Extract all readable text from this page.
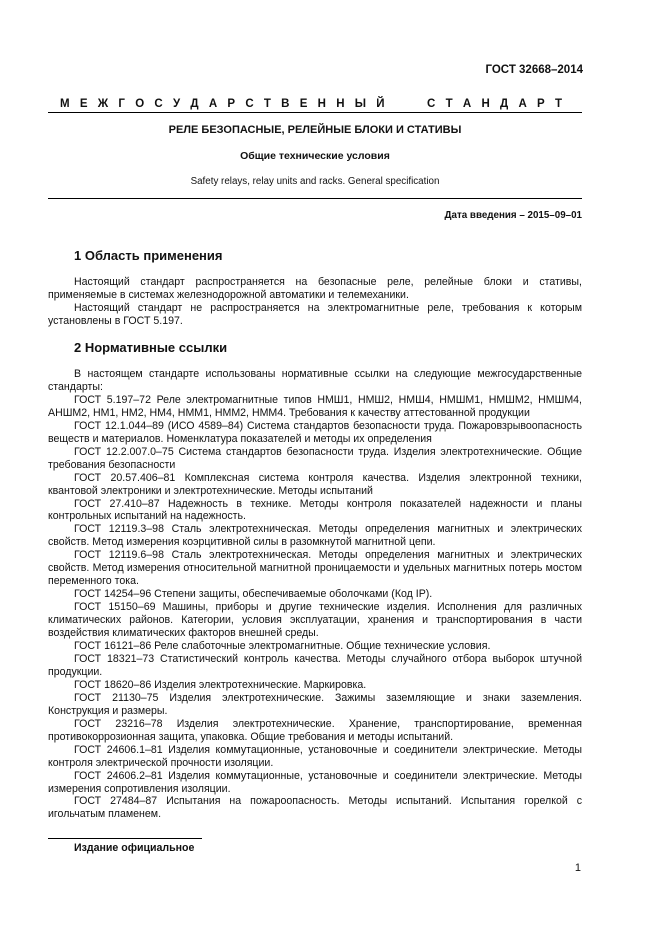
ГОСТ 32668–2014
М Е Ж Г О С У Д А Р С Т В Е Н Н Ы Й	С Т А Н Д А Р Т
РЕЛЕ БЕЗОПАСНЫЕ, РЕЛЕЙНЫЕ БЛОКИ И СТАТИВЫ
Общие технические условия
Safety relays, relay units and racks. General specification
Дата введения – 2015–09–01
1 Область применения

Настоящий стандарт распространяется на безопасные реле, релейные блоки и стативы, применяемые в системах железнодорожной автоматики и телемеханики.

Настоящий стандарт не распространяется на электромагнитные реле, требования к которым установлены в ГОСТ 5.197.

2 Нормативные ссылки

В настоящем стандарте использованы нормативные ссылки на следующие межгосударственные стандарты:

ГОСТ 5.197–72 Реле электромагнитные типов НМШ1, НМШ2, НМШ4, НМШМ1, НМШМ2, НМШМ4, АНШМ2, НМ1, НМ2, НМ4, НММ1, НММ2, НММ4. Требования к качеству аттестованной продукции

ГОСТ 12.1.044–89 (ИСО 4589–84) Система стандартов безопасности труда. Пожаровзрывоопасность веществ и материалов. Номенклатура показателей и методы их определения

ГОСТ 12.2.007.0–75 Система стандартов безопасности труда. Изделия электротехнические. Общие требования безопасности

ГОСТ 20.57.406–81 Комплексная система контроля качества. Изделия электронной техники, квантовой электроники и электротехнические. Методы испытаний

ГОСТ 27.410–87 Надежность в технике. Методы контроля показателей надежности и планы контрольных испытаний на надежность.

ГОСТ 12119.3–98 Сталь электротехническая. Методы определения магнитных и электрических свойств. Метод измерения коэрцитивной силы в разомкнутой магнитной цепи.

ГОСТ 12119.6–98 Сталь электротехническая. Методы определения магнитных и электрических свойств. Метод измерения относительной магнитной проницаемости и удельных магнитных потерь мостом переменного тока.

ГОСТ 14254–96 Степени защиты, обеспечиваемые оболочками (Код IP).

ГОСТ 15150–69 Машины, приборы и другие технические изделия. Исполнения для различных климатических районов. Категории, условия эксплуатации, хранения и транспортирования в части воздействия климатических факторов внешней среды.

ГОСТ 16121–86 Реле слаботочные электромагнитные. Общие технические условия.

ГОСТ 18321–73 Статистический контроль качества. Методы случайного отбора выборок штучной продукции.

ГОСТ 18620–86 Изделия электротехнические. Маркировка.

ГОСТ 21130–75 Изделия электротехнические. Зажимы заземляющие и знаки заземления. Конструкция и размеры.

ГОСТ 23216–78 Изделия электротехнические. Хранение, транспортирование, временная противокоррозионная защита, упаковка. Общие требования и методы испытаний.

ГОСТ 24606.1–81 Изделия коммутационные, установочные и соединители электрические. Методы контроля электрической прочности изоляции.

ГОСТ 24606.2–81 Изделия коммутационные, установочные и соединители электрические. Методы измерения сопротивления изоляции.

ГОСТ 27484–87 Испытания на пожароопасность. Методы испытаний. Испытания горелкой с игольчатым пламенем.

Издание официальное
1
